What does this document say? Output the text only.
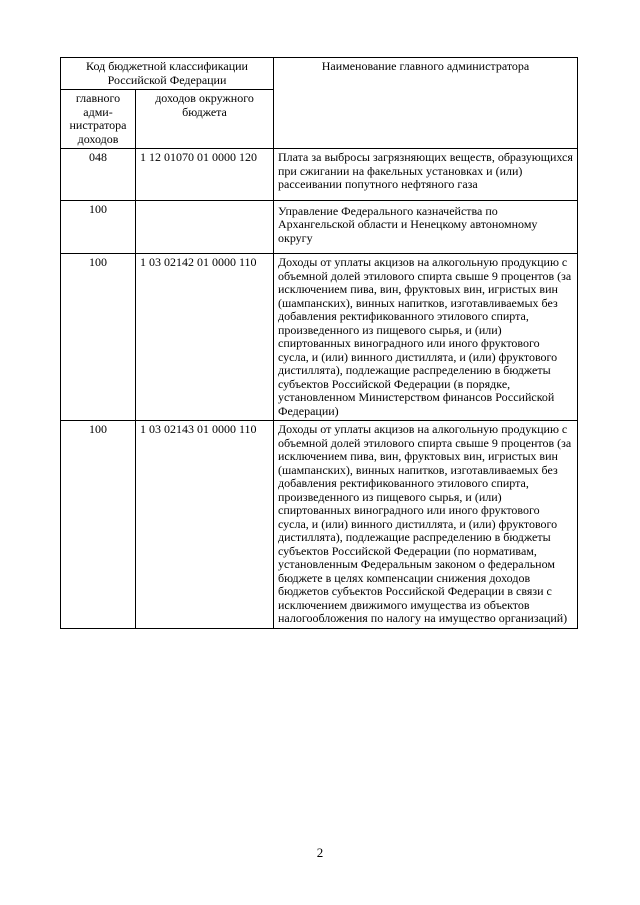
Код бюджетной классификации Российской Федерации		Наименование главного администратора
главного адми-нистратора доходов	доходов окружного бюджета	
048	1 12 01070 01 0000 120	Плата за выбросы загрязняющих веществ, образующихся при сжигании на факельных установках и (или) рассеивании попутного нефтяного газа
100		Управление Федерального казначейства по Архангельской области и Ненецкому автономному округу
100	1 03 02142 01 0000 110	Доходы от уплаты акцизов на алкогольную продукцию с объемной долей этилового спирта свыше 9 процентов (за исключением пива, вин, фруктовых вин, игристых вин (шампанских), винных напитков, изготавливаемых без добавления ректификованного этилового спирта, произведенного из пищевого сырья, и (или) спиртованных виноградного или иного фруктового сусла, и (или) винного дистиллята, и (или) фруктового дистиллята), подлежащие распределению в бюджеты субъектов Российской Федерации (в порядке, установленном Министерством финансов Российской Федерации)
100	1 03 02143 01 0000 110	Доходы от уплаты акцизов на алкогольную продукцию с объемной долей этилового спирта свыше 9 процентов (за исключением пива, вин, фруктовых вин, игристых вин (шампанских), винных напитков, изготавливаемых без добавления ректификованного этилового спирта, произведенного из пищевого сырья, и (или) спиртованных виноградного или иного фруктового сусла, и (или) винного дистиллята, и (или) фруктового дистиллята), подлежащие распределению в бюджеты субъектов Российской Федерации (по нормативам, установленным Федеральным законом о федеральном бюджете в целях компенсации снижения доходов бюджетов субъектов Российской Федерации в связи с исключением движимого имущества из объектов налогообложения по налогу на имущество организаций)
2
